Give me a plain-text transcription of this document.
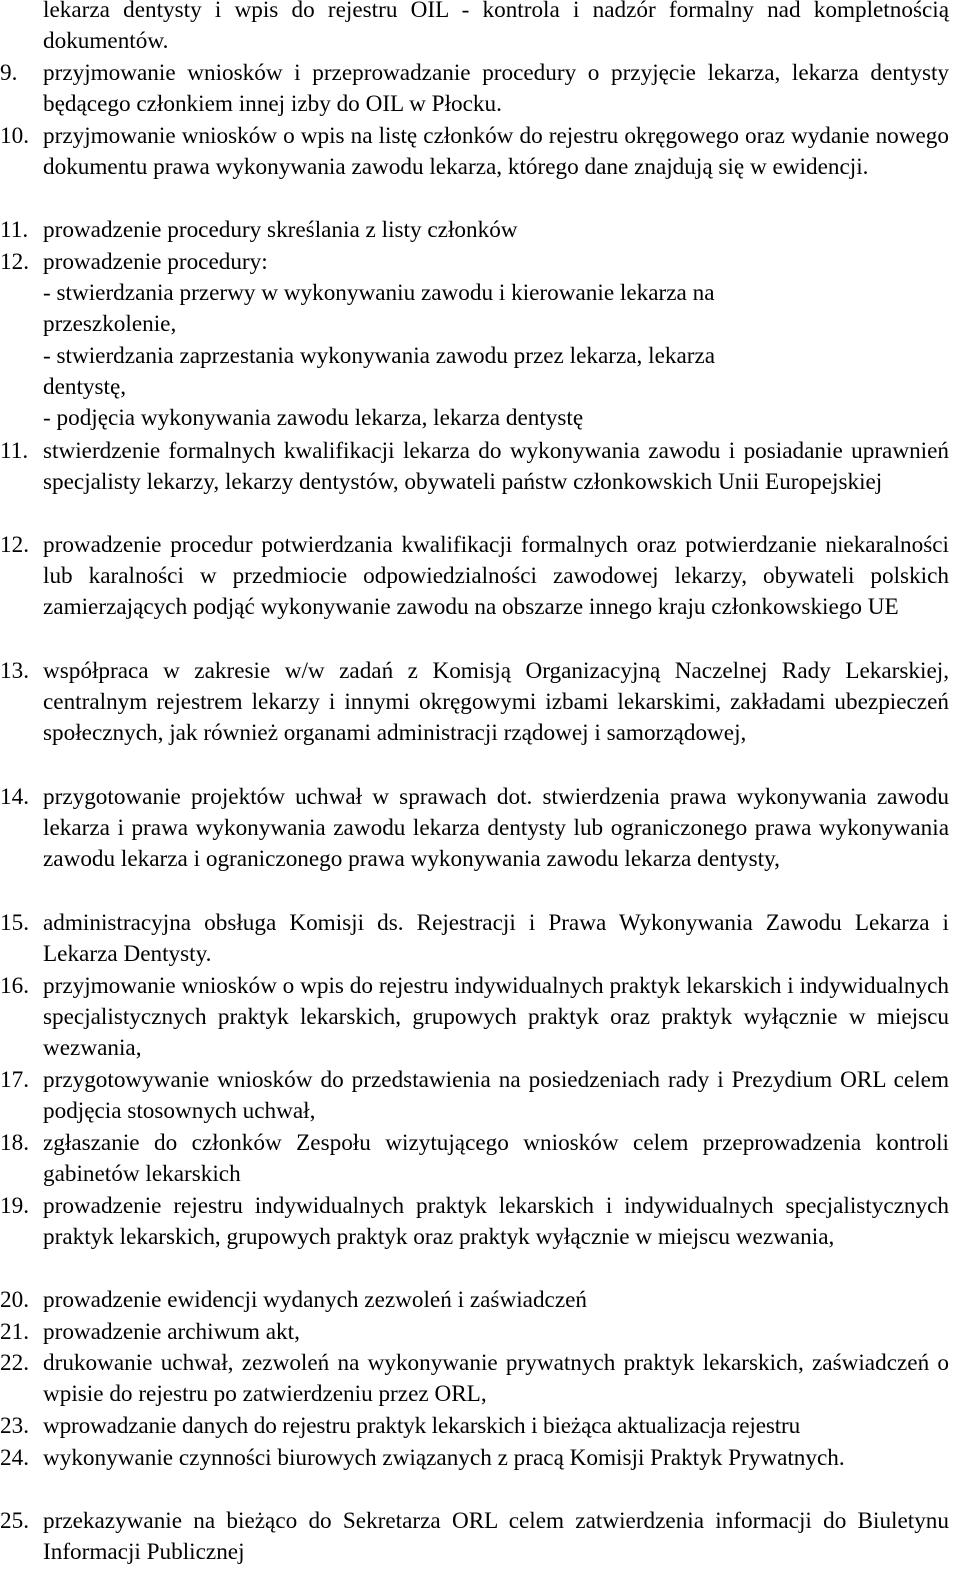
lekarza dentysty i wpis do rejestru OIL - kontrola i nadzór formalny nad kompletnością dokumentów.
9. przyjmowanie wniosków i przeprowadzanie procedury o przyjęcie lekarza, lekarza dentysty będącego członkiem innej izby do OIL w Płocku.
10. przyjmowanie wniosków o wpis na listę członków do rejestru okręgowego oraz wydanie nowego dokumentu prawa wykonywania zawodu lekarza, którego dane znajdują się w ewidencji.
11. prowadzenie procedury skreślania z listy członków
12. prowadzenie procedury:
- stwierdzania przerwy w wykonywaniu zawodu i kierowanie lekarza na przeszkolenie,
- stwierdzania zaprzestania wykonywania zawodu przez lekarza, lekarza dentystę,
- podjęcia wykonywania zawodu lekarza, lekarza dentystę
11. stwierdzenie formalnych kwalifikacji lekarza do wykonywania zawodu i posiadanie uprawnień specjalisty lekarzy, lekarzy dentystów, obywateli państw członkowskich Unii Europejskiej
12. prowadzenie procedur potwierdzania kwalifikacji formalnych oraz potwierdzanie niekaralności lub karalności w przedmiocie odpowiedzialności zawodowej lekarzy, obywateli polskich zamierzających podjąć wykonywanie zawodu na obszarze innego kraju członkowskiego UE
13. współpraca w zakresie w/w zadań z Komisją Organizacyjną Naczelnej Rady Lekarskiej, centralnym rejestrem lekarzy i innymi okręgowymi izbami lekarskimi, zakładami ubezpieczeń społecznych, jak również organami administracji rządowej i samorządowej,
14. przygotowanie projektów uchwał w sprawach dot. stwierdzenia prawa wykonywania zawodu lekarza i prawa wykonywania zawodu lekarza dentysty lub ograniczonego prawa wykonywania zawodu lekarza i ograniczonego prawa wykonywania zawodu lekarza dentysty,
15. administracyjna obsługa Komisji ds. Rejestracji i Prawa Wykonywania Zawodu Lekarza i Lekarza Dentysty.
16. przyjmowanie wniosków o wpis do rejestru indywidualnych praktyk lekarskich i indywidualnych specjalistycznych praktyk lekarskich, grupowych praktyk oraz praktyk wyłącznie w miejscu wezwania,
17. przygotowywanie wniosków do przedstawienia na posiedzeniach rady i Prezydium ORL celem podjęcia stosownych uchwał,
18. zgłaszanie do członków Zespołu wizytującego wniosków celem przeprowadzenia kontroli gabinetów lekarskich
19. prowadzenie rejestru indywidualnych praktyk lekarskich i indywidualnych specjalistycznych praktyk lekarskich, grupowych praktyk oraz praktyk wyłącznie w miejscu wezwania,
20. prowadzenie ewidencji wydanych zezwoleń i zaświadczeń
21. prowadzenie archiwum akt,
22. drukowanie uchwał, zezwoleń na wykonywanie prywatnych praktyk lekarskich, zaświadczeń o wpisie do rejestru po zatwierdzeniu przez ORL,
23. wprowadzanie danych do rejestru praktyk lekarskich i bieżąca aktualizacja rejestru
24. wykonywanie czynności biurowych związanych z pracą Komisji Praktyk Prywatnych.
25. przekazywanie na bieżąco do Sekretarza ORL celem zatwierdzenia informacji do Biuletynu Informacji Publicznej
